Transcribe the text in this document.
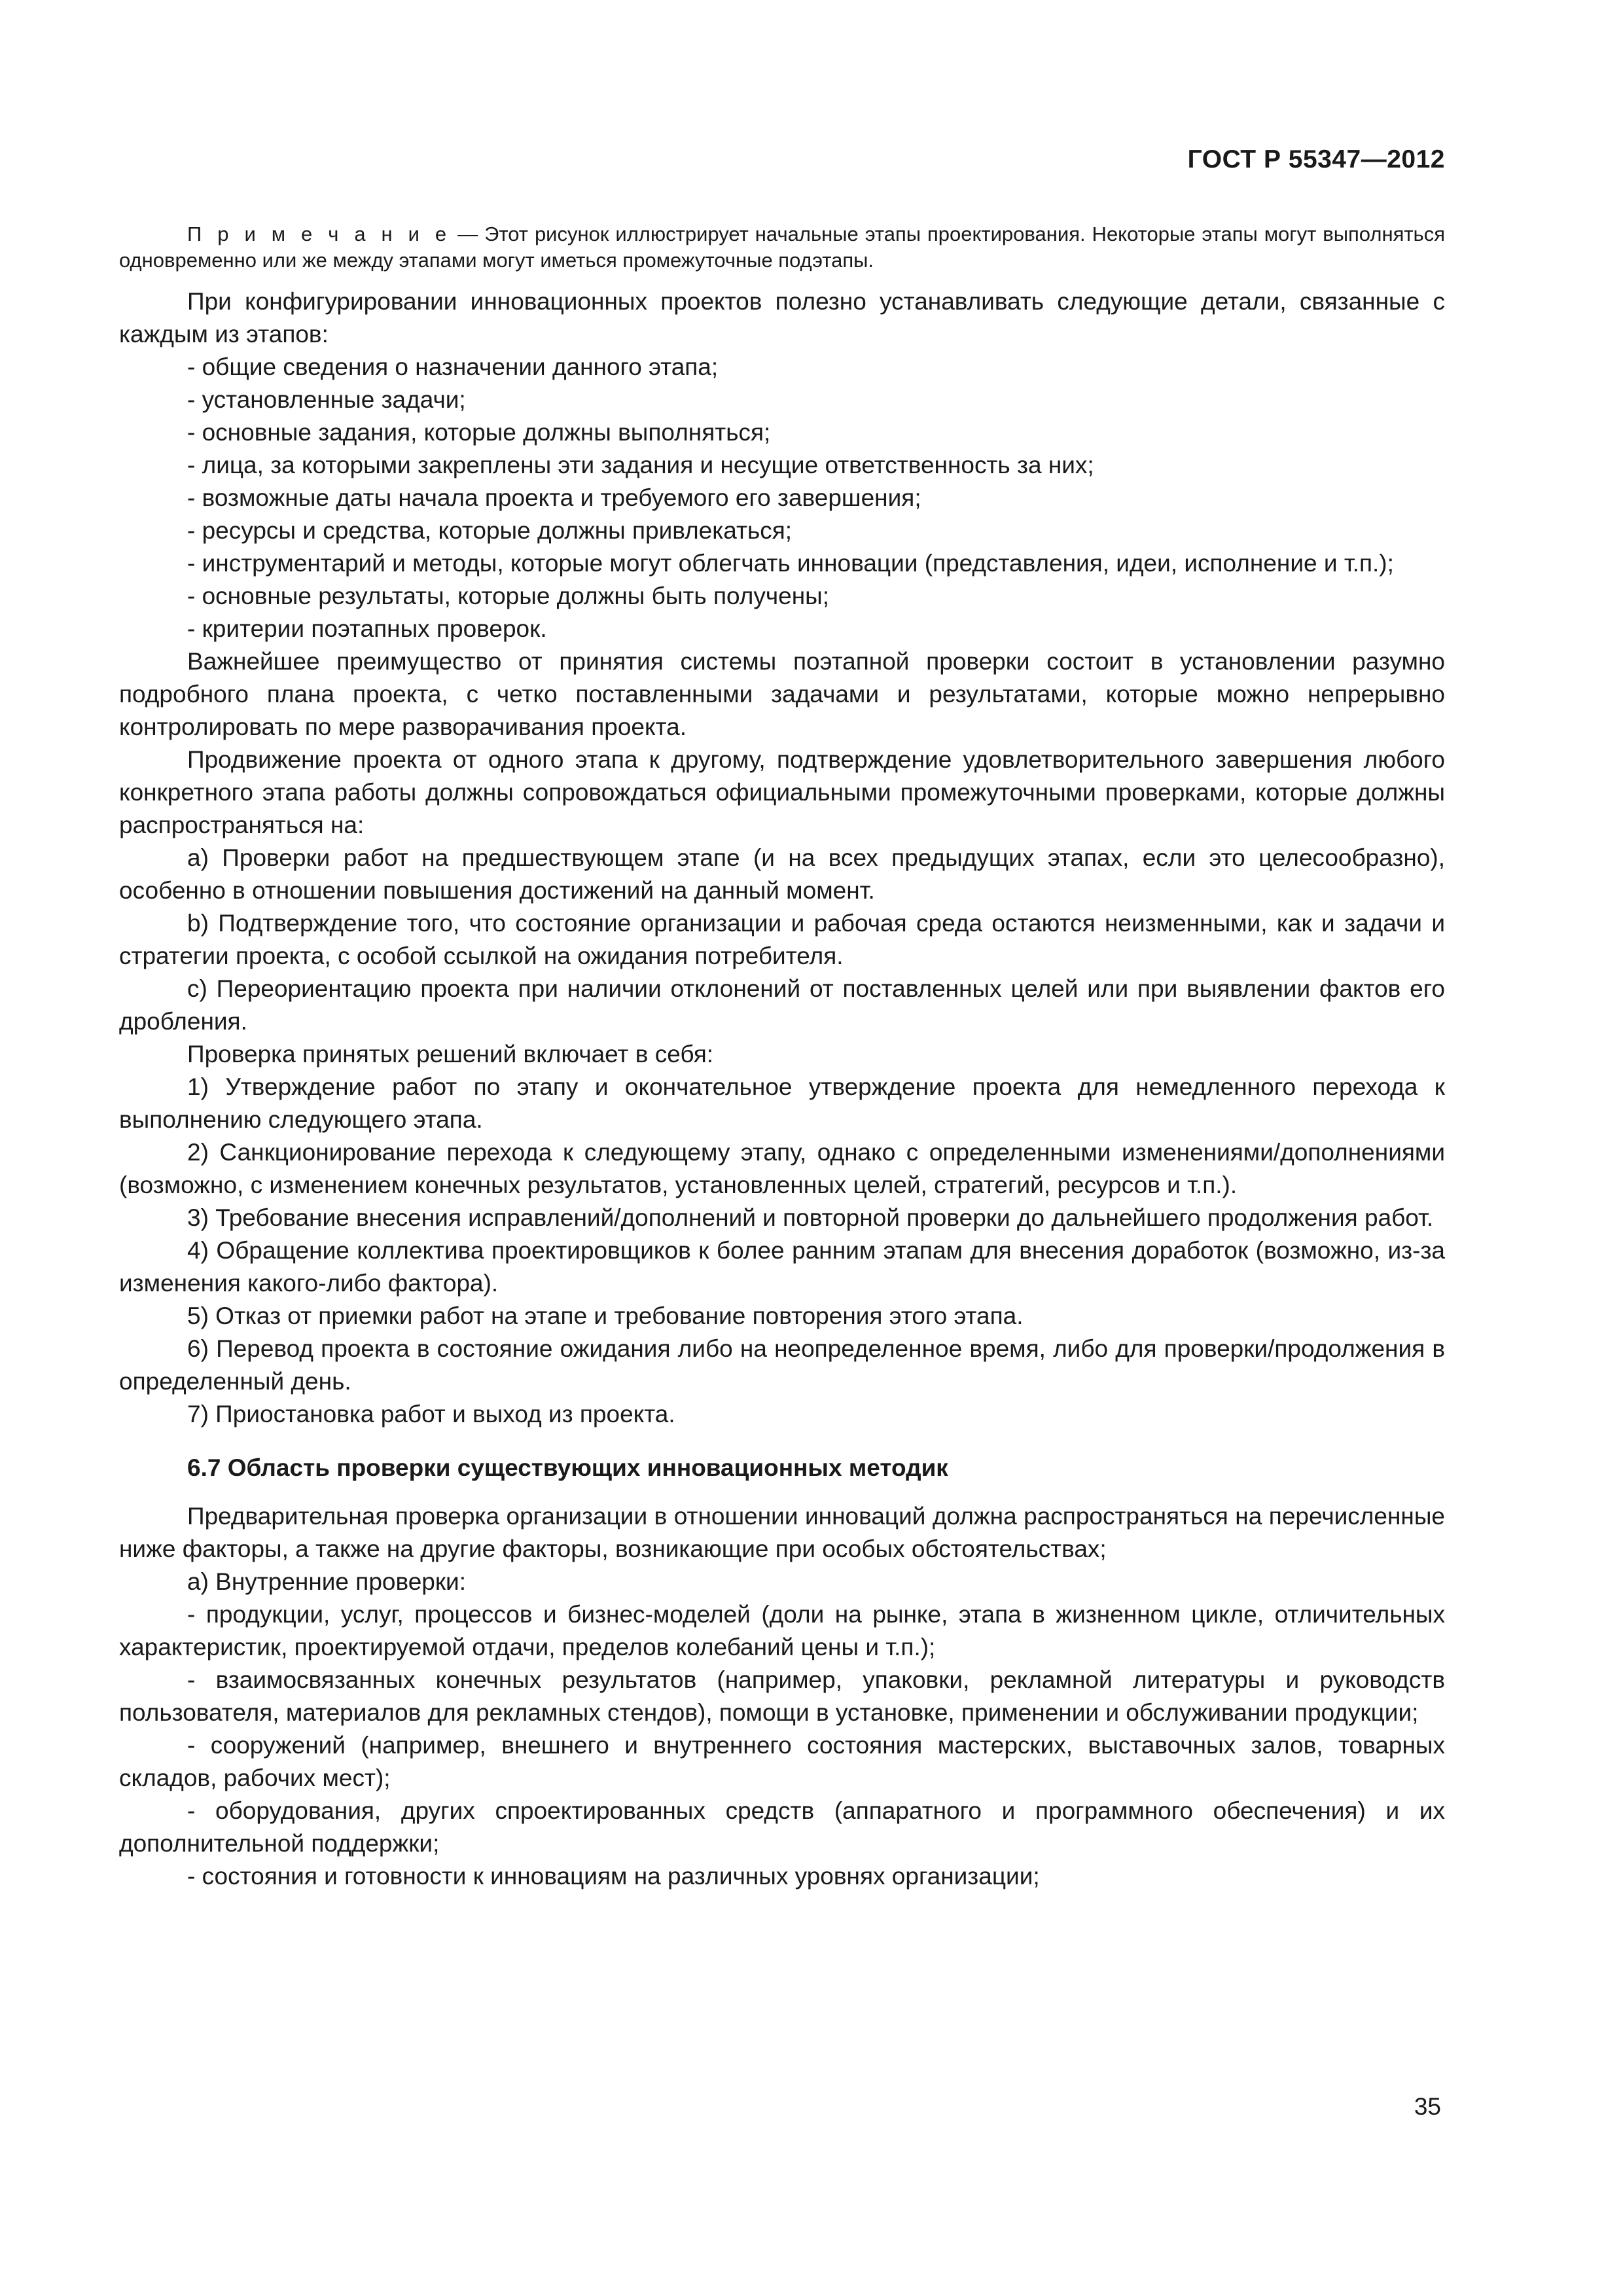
ГОСТ Р 55347—2012
П р и м е ч а н и е — Этот рисунок иллюстрирует начальные этапы проектирования. Некоторые этапы могут выполняться одновременно или же между этапами могут иметься промежуточные подэтапы.
При конфигурировании инновационных проектов полезно устанавливать следующие детали, связанные с каждым из этапов:
- общие сведения о назначении данного этапа;
- установленные задачи;
- основные задания, которые должны выполняться;
- лица, за которыми закреплены эти задания и несущие ответственность за них;
- возможные даты начала проекта и требуемого его завершения;
- ресурсы и средства, которые должны привлекаться;
- инструментарий и методы, которые могут облегчать инновации (представления, идеи, исполнение и т.п.);
- основные результаты, которые должны быть получены;
- критерии поэтапных проверок.
Важнейшее преимущество от принятия системы поэтапной проверки состоит в установлении разумно подробного плана проекта, с четко поставленными задачами и результатами, которые можно непрерывно контролировать по мере разворачивания проекта.
Продвижение проекта от одного этапа к другому, подтверждение удовлетворительного завершения любого конкретного этапа работы должны сопровождаться официальными промежуточными проверками, которые должны распространяться на:
a) Проверки работ на предшествующем этапе (и на всех предыдущих этапах, если это целесообразно), особенно в отношении повышения достижений на данный момент.
b) Подтверждение того, что состояние организации и рабочая среда остаются неизменными, как и задачи и стратегии проекта, с особой ссылкой на ожидания потребителя.
c) Переориентацию проекта при наличии отклонений от поставленных целей или при выявлении фактов его дробления.
Проверка принятых решений включает в себя:
1) Утверждение работ по этапу и окончательное утверждение проекта для немедленного перехода к выполнению следующего этапа.
2) Санкционирование перехода к следующему этапу, однако с определенными изменениями/дополнениями (возможно, с изменением конечных результатов, установленных целей, стратегий, ресурсов и т.п.).
3) Требование внесения исправлений/дополнений и повторной проверки до дальнейшего продолжения работ.
4) Обращение коллектива проектировщиков к более ранним этапам для внесения доработок (возможно, из-за изменения какого-либо фактора).
5) Отказ от приемки работ на этапе и требование повторения этого этапа.
6) Перевод проекта в состояние ожидания либо на неопределенное время, либо для проверки/продолжения в определенный день.
7) Приостановка работ и выход из проекта.
6.7 Область проверки существующих инновационных методик
Предварительная проверка организации в отношении инноваций должна распространяться на перечисленные ниже факторы, а также на другие факторы, возникающие при особых обстоятельствах;
а) Внутренние проверки:
- продукции, услуг, процессов и бизнес-моделей (доли на рынке, этапа в жизненном цикле, отличительных характеристик, проектируемой отдачи, пределов колебаний цены и т.п.);
- взаимосвязанных конечных результатов (например, упаковки, рекламной литературы и руководств пользователя, материалов для рекламных стендов), помощи в установке, применении и обслуживании продукции;
- сооружений (например, внешнего и внутреннего состояния мастерских, выставочных залов, товарных складов, рабочих мест);
- оборудования, других спроектированных средств (аппаратного и программного обеспечения) и их дополнительной поддержки;
- состояния и готовности к инновациям на различных уровнях организации;
35
